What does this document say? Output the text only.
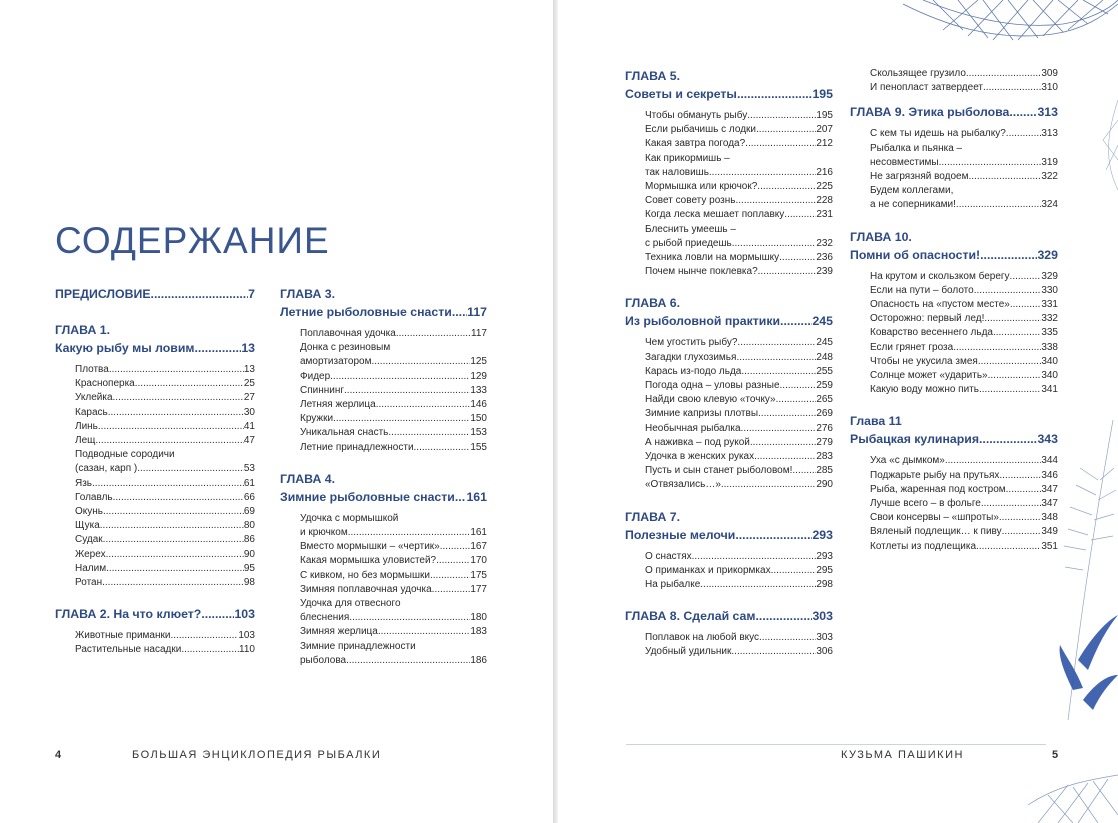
СОДЕРЖАНИЕ
ПРЕДИСЛОВИЕ .....	7
ГЛАВА 1.
Какую рыбу мы ловим .....	13
Плотва .....	13
Красноперка .....	25
Уклейка .....	27
Карась .....	30
Линь .....	41
Лещ .....	47
Подводные сородичи
(сазан, карп ) .....	53
Язь .....	61
Голавль .....	66
Окунь .....	69
Щука .....	80
Судак .....	86
Жерех .....	90
Налим .....	95
Ротан .....	98
ГЛАВА 2. На что клюет? .....	103
Животные приманки .....	103
Растительные насадки .....	110
ГЛАВА 3.
Летние рыболовные снасти ..... 117
Поплавочная удочка .....	117
Донка с резиновым
амортизатором .....	125
Фидер .....	129
Спиннинг .....	133
Летняя жерлица .....	146
Кружки .....	150
Уникальная снасть .....	153
Летние принадлежности .....	155
ГЛАВА 4.
Зимние рыболовные снасти ..... 161
Удочка с мормышкой
и крючком .....	161
Вместо мормышки – «чертик» .....	167
Какая мормышка уловистей? .....	170
С кивком, но без мормышки .....	175
Зимняя поплавочная удочка .....	177
Удочка для отвесного
блеснения .....	180
Зимняя жерлица .....	183
Зимние принадлежности
рыболова .....	186
4	БОЛЬШАЯ ЭНЦИКЛОПЕДИЯ РЫБАЛКИ
ГЛАВА 5.
Советы и секреты .....	195
Чтобы обмануть рыбу .....	195
Если рыбачишь с лодки .....	207
Какая завтра погода? .....	212
Как прикормишь –
так наловишь .....	216
Мормышка или крючок? .....	225
Совет совету рознь .....	228
Когда леска мешает поплавку .....	231
Блеснить умеешь –
с рыбой приедешь .....	232
Техника ловли на мормышку .....	236
Почем нынче поклевка? .....	239
ГЛАВА 6.
Из рыболовной практики .....	245
Чем угостить рыбу? .....	245
Загадки глухозимья .....	248
Карась из-подо льда .....	255
Погода одна – уловы разные .....	259
Найди свою клевую «точку» .....	265
Зимние капризы плотвы .....	269
Необычная рыбалка .....	276
А наживка – под рукой .....	279
Удочка в женских руках .....	283
Пусть и сын станет рыболовом! ..... 285
«Отвязались…» .....	290
ГЛАВА 7.
Полезные мелочи .....	293
О снастях .....	293
О приманках и прикормках .....	295
На рыбалке .....	298
ГЛАВА 8. Сделай сам .....	303
Поплавок на любой вкус .....	303
Удобный удильник .....	306
Скользящее грузило .....	309
И пенопласт затвердеет .....	310
ГЛАВА 9. Этика рыболова ..... 313
С кем ты идешь на рыбалку? .....	313
Рыбалка и пьянка –
несовместимы .....	319
Не загрязняй водоем .....	322
Будем коллегами,
а не соперниками! .....	324
ГЛАВА 10.
Помни об опасности! .....	329
На крутом и скользком берегу .....	329
Если на пути – болото .....	330
Опасность на «пустом месте» .....	331
Осторожно: первый лед! .....	332
Коварство весеннего льда .....	335
Если грянет гроза .....	338
Чтобы не укусила змея .....	340
Солнце может «ударить» .....	340
Какую воду можно пить .....	341
Глава 11
Рыбацкая кулинария .....	343
Уха «с дымком» .....	344
Поджарьте рыбу на прутьях .....	346
Рыба, жаренная под костром .....	347
Лучше всего – в фольге .....	347
Свои консервы – «шпроты» .....	348
Вяленый подлещик… к пиву .....	349
Котлеты из подлещика .....	351
КУЗЬМА ПАШИКИН	5
